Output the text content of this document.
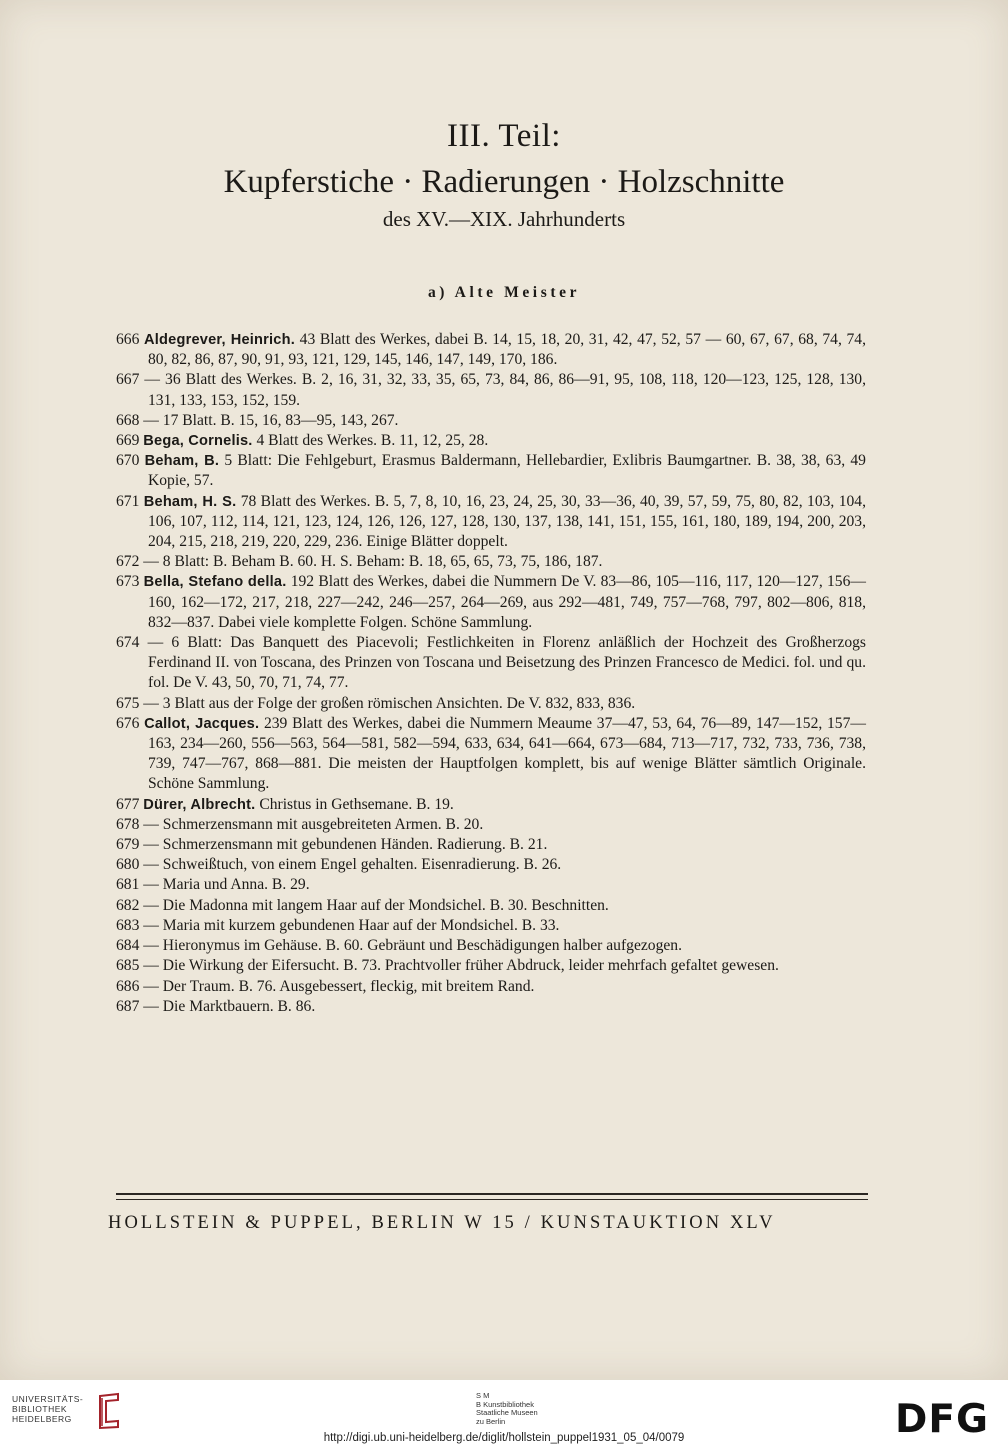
III. Teil:
Kupferstiche · Radierungen · Holzschnitte
des XV.—XIX. Jahrhunderts
a) Alte Meister
666 Aldegrever, Heinrich. 43 Blatt des Werkes, dabei B. 14, 15, 18, 20, 31, 42, 47, 52, 57 — 60, 67, 67, 68, 74, 74, 80, 82, 86, 87, 90, 91, 93, 121, 129, 145, 146, 147, 149, 170, 186.
667 — 36 Blatt des Werkes. B. 2, 16, 31, 32, 33, 35, 65, 73, 84, 86, 86—91, 95, 108, 118, 120—123, 125, 128, 130, 131, 133, 153, 152, 159.
668 — 17 Blatt. B. 15, 16, 83—95, 143, 267.
669 Bega, Cornelis. 4 Blatt des Werkes. B. 11, 12, 25, 28.
670 Beham, B. 5 Blatt: Die Fehlgeburt, Erasmus Baldermann, Hellebardier, Exlibris Baumgartner. B. 38, 38, 63, 49 Kopie, 57.
671 Beham, H. S. 78 Blatt des Werkes. B. 5, 7, 8, 10, 16, 23, 24, 25, 30, 33—36, 40, 39, 57, 59, 75, 80, 82, 103, 104, 106, 107, 112, 114, 121, 123, 124, 126, 126, 127, 128, 130, 137, 138, 141, 151, 155, 161, 180, 189, 194, 200, 203, 204, 215, 218, 219, 220, 229, 236. Einige Blätter doppelt.
672 — 8 Blatt: B. Beham B. 60. H. S. Beham: B. 18, 65, 65, 73, 75, 186, 187.
673 Bella, Stefano della. 192 Blatt des Werkes, dabei die Nummern De V. 83—86, 105—116, 117, 120—127, 156—160, 162—172, 217, 218, 227—242, 246—257, 264—269, aus 292—481, 749, 757—768, 797, 802—806, 818, 832—837. Dabei viele komplette Folgen. Schöne Sammlung.
674 — 6 Blatt: Das Banquett des Piacevoli; Festlichkeiten in Florenz anläßlich der Hochzeit des Großherzogs Ferdinand II. von Toscana, des Prinzen von Toscana und Beisetzung des Prinzen Francesco de Medici. fol. und qu. fol. De V. 43, 50, 70, 71, 74, 77.
675 — 3 Blatt aus der Folge der großen römischen Ansichten. De V. 832, 833, 836.
676 Callot, Jacques. 239 Blatt des Werkes, dabei die Nummern Meaume 37—47, 53, 64, 76—89, 147—152, 157—163, 234—260, 556—563, 564—581, 582—594, 633, 634, 641—664, 673—684, 713—717, 732, 733, 736, 738, 739, 747—767, 868—881. Die meisten der Hauptfolgen komplett, bis auf wenige Blätter sämtlich Originale. Schöne Sammlung.
677 Dürer, Albrecht. Christus in Gethsemane. B. 19.
678 — Schmerzensmann mit ausgebreiteten Armen. B. 20.
679 — Schmerzensmann mit gebundenen Händen. Radierung. B. 21.
680 — Schweißtuch, von einem Engel gehalten. Eisenradierung. B. 26.
681 — Maria und Anna. B. 29.
682 — Die Madonna mit langem Haar auf der Mondsichel. B. 30. Beschnitten.
683 — Maria mit kurzem gebundenen Haar auf der Mondsichel. B. 33.
684 — Hieronymus im Gehäuse. B. 60. Gebräunt und Beschädigungen halber aufgezogen.
685 — Die Wirkung der Eifersucht. B. 73. Prachtvoller früher Abdruck, leider mehrfach gefaltet gewesen.
686 — Der Traum. B. 76. Ausgebessert, fleckig, mit breitem Rand.
687 — Die Marktbauern. B. 86.
HOLLSTEIN & PUPPEL, BERLIN W 15 / KUNSTAUKTION XLV
UNIVERSITÄTS-
BIBLIOTHEK
HEIDELBERG
S M
B Kunstbibliothek
Staatliche Museen
zu Berlin	DFG
http://digi.ub.uni-heidelberg.de/diglit/hollstein_puppel1931_05_04/0079
